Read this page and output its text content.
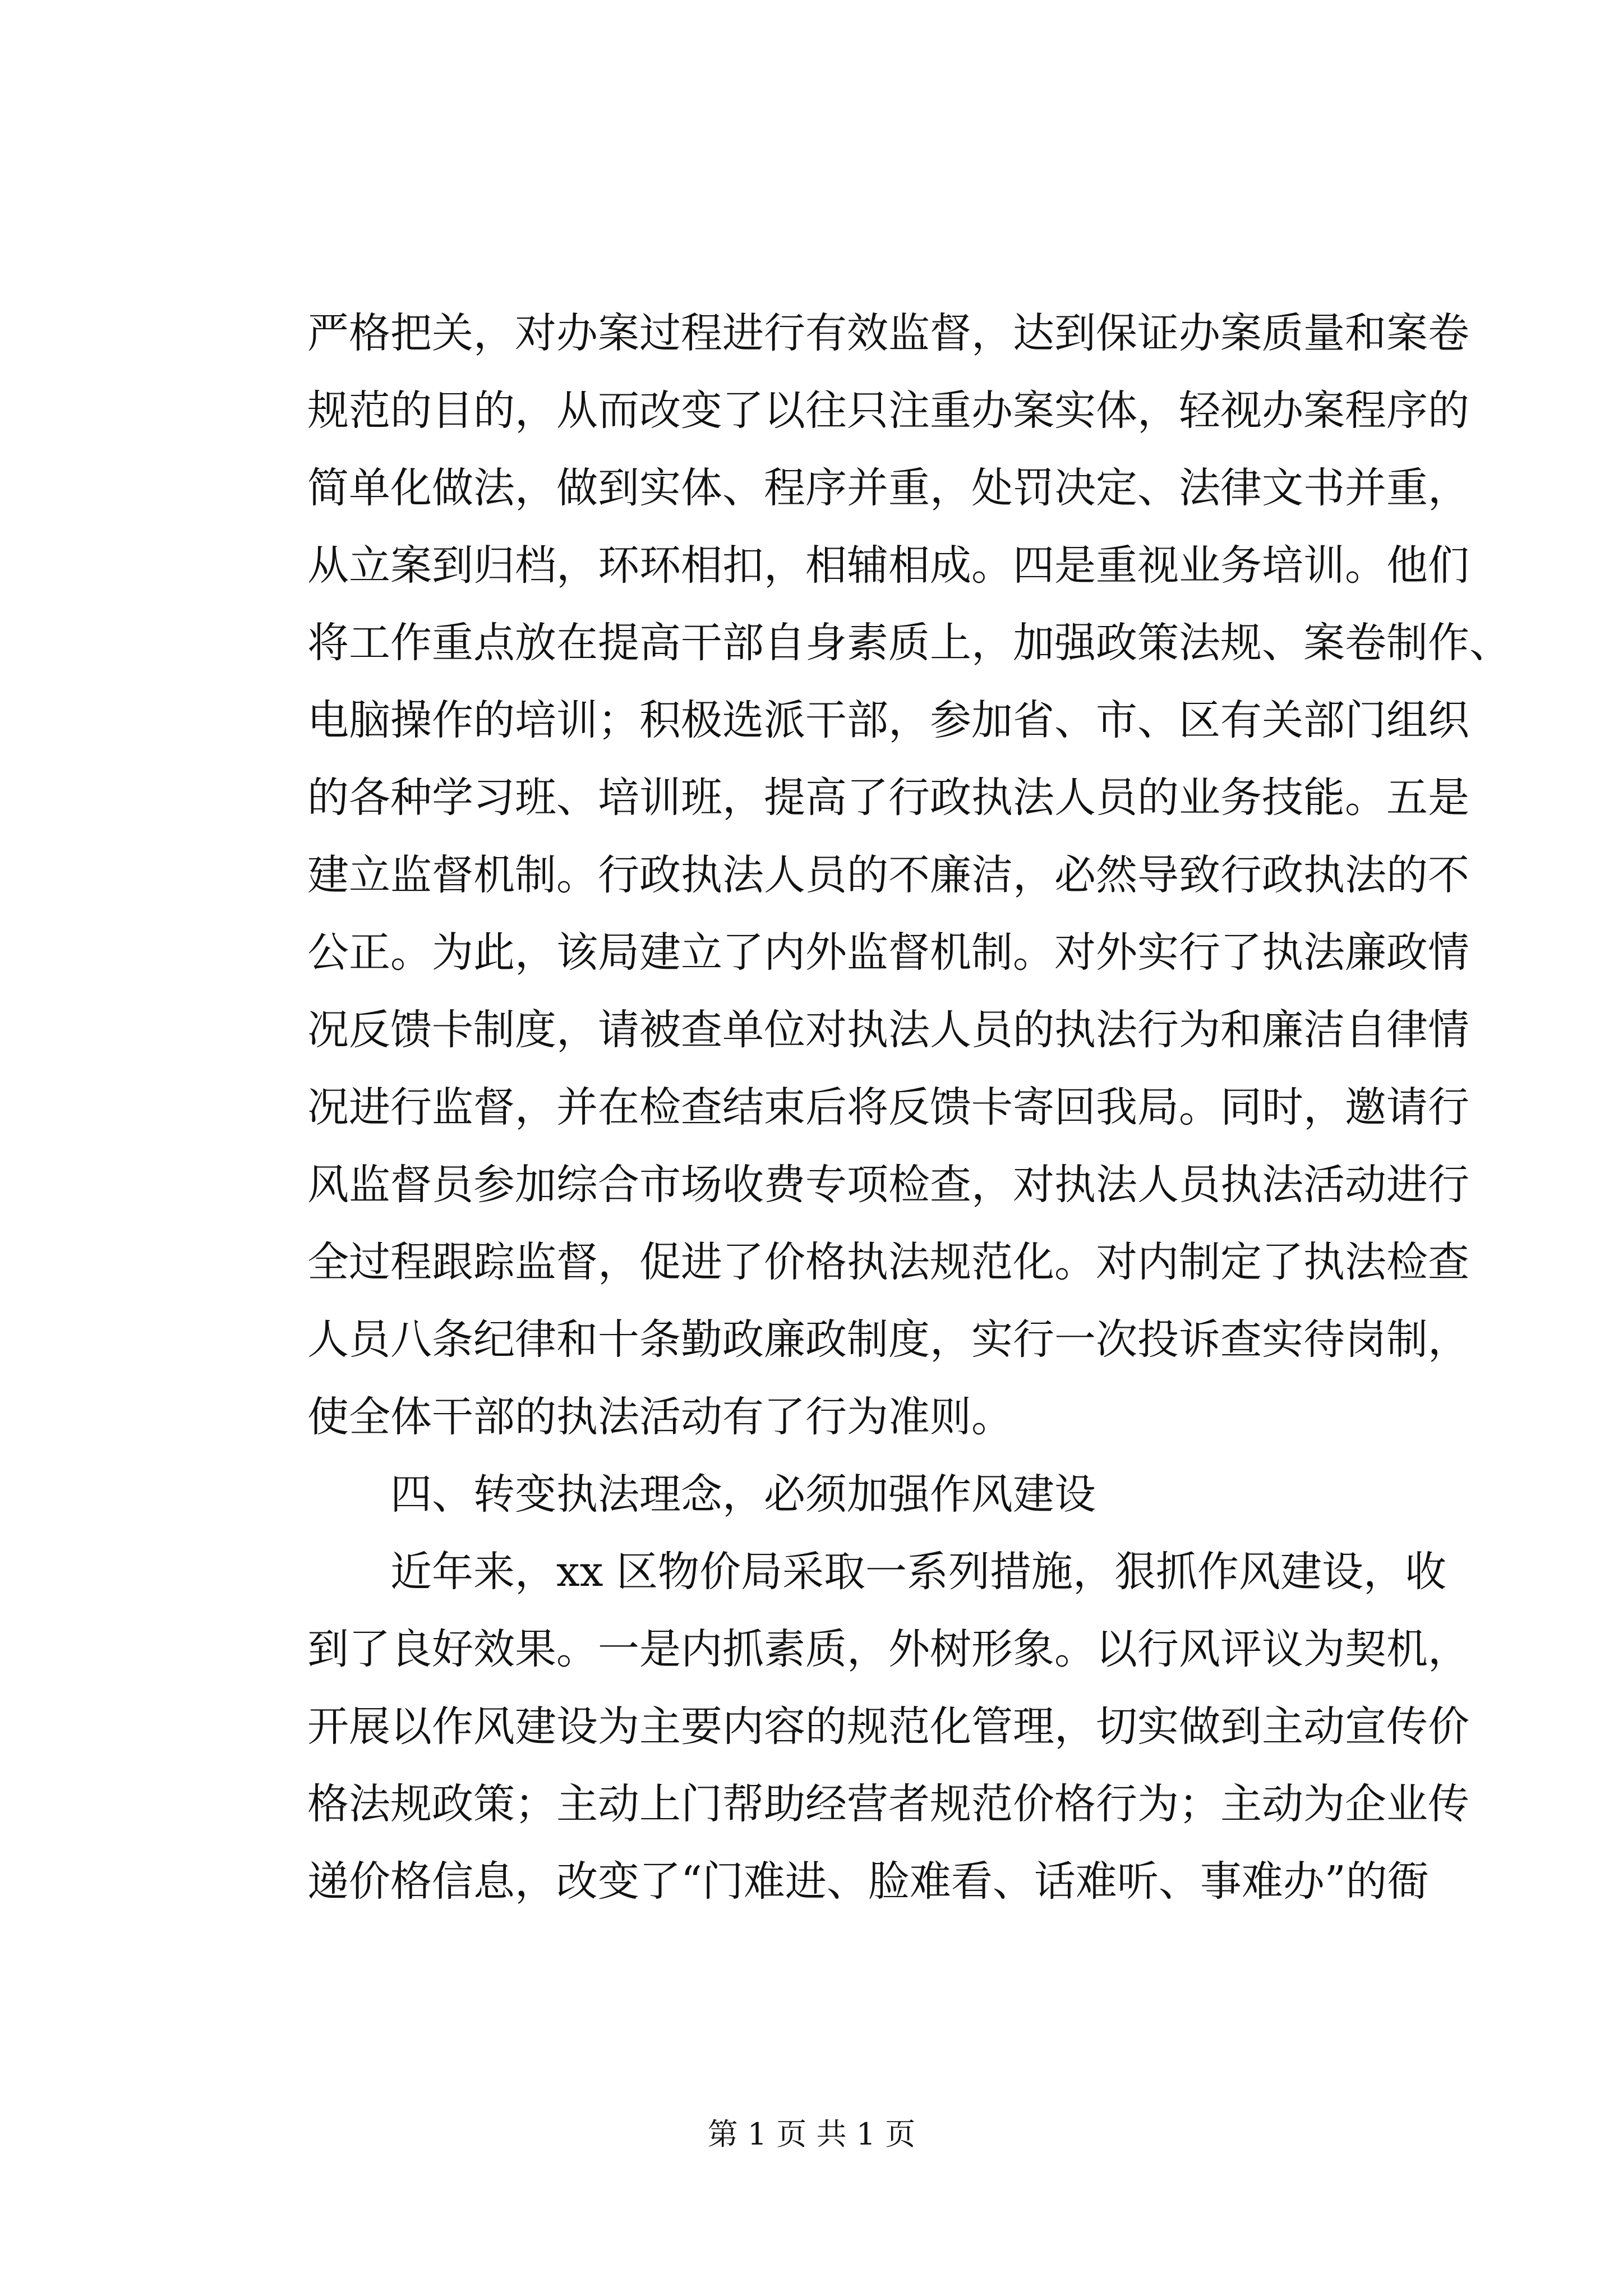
严格把关，对办案过程进行有效监督，达到保证办案质量和案卷
规范的目的，从而改变了以往只注重办案实体，轻视办案程序的
简单化做法，做到实体、程序并重，处罚决定、法律文书并重，
从立案到归档，环环相扣，相辅相成。四是重视业务培训。他们
将工作重点放在提高干部自身素质上，加强政策法规、案卷制作、
电脑操作的培训；积极选派干部，参加省、市、区有关部门组织
的各种学习班、培训班，提高了行政执法人员的业务技能。五是
建立监督机制。行政执法人员的不廉洁，必然导致行政执法的不
公正。为此，该局建立了内外监督机制。对外实行了执法廉政情
况反馈卡制度，请被查单位对执法人员的执法行为和廉洁自律情
况进行监督，并在检查结束后将反馈卡寄回我局。同时，邀请行
风监督员参加综合市场收费专项检查，对执法人员执法活动进行
全过程跟踪监督，促进了价格执法规范化。对内制定了执法检查
人员八条纪律和十条勤政廉政制度，实行一次投诉查实待岗制，
使全体干部的执法活动有了行为准则。
四、转变执法理念，必须加强作风建设
近年来，xx 区物价局采取一系列措施，狠抓作风建设，收
到了良好效果。一是内抓素质，外树形象。以行风评议为契机，
开展以作风建设为主要内容的规范化管理，切实做到主动宣传价
格法规政策；主动上门帮助经营者规范价格行为；主动为企业传
递价格信息，改变了“门难进、脸难看、话难听、事难办”的衙
第 1 页 共 1 页
